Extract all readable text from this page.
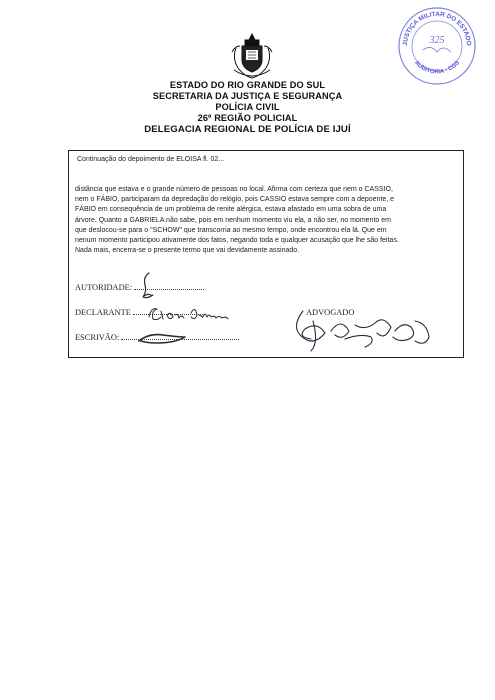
JUSTIÇA MILITAR DO ESTADO
AUDITORIA - CGS
325
ESTADO DO RIO GRANDE DO SUL
SECRETARIA DA JUSTIÇA E SEGURANÇA
POLÍCIA CIVIL
26ª REGIÃO POLICIAL
DELEGACIA REGIONAL DE POLÍCIA DE IJUÍ
Continuação do depoimento de ELOISA fl. 02...
distância que estava e o grande número de pessoas no local. Afirma com certeza que nem o CASSIO,
nem o FÁBIO, participaram da depredação do relógio, pois CASSIO estava sempre com a depoente, e
FÁBIO em consequência de um problema de renite alérgica, estava afastado em uma sobra de uma
árvore. Quanto a GABRIELA não sabe, pois em nenhum momento viu ela, a não ser, no momento em
que deslocou-se para o "SCHOW" que transcorria ao mesmo tempo, onde encontrou ela lá. Que em
nenum momento participou ativamente dos fatos, negando toda e qualquer acusação que lhe são feitas.
Nada mais, encerra-se o presente termo que vai devidamente assinado.
AUTORIDADE:
DECLARANTE
ESCRIVÃO:
ADVOGADO
